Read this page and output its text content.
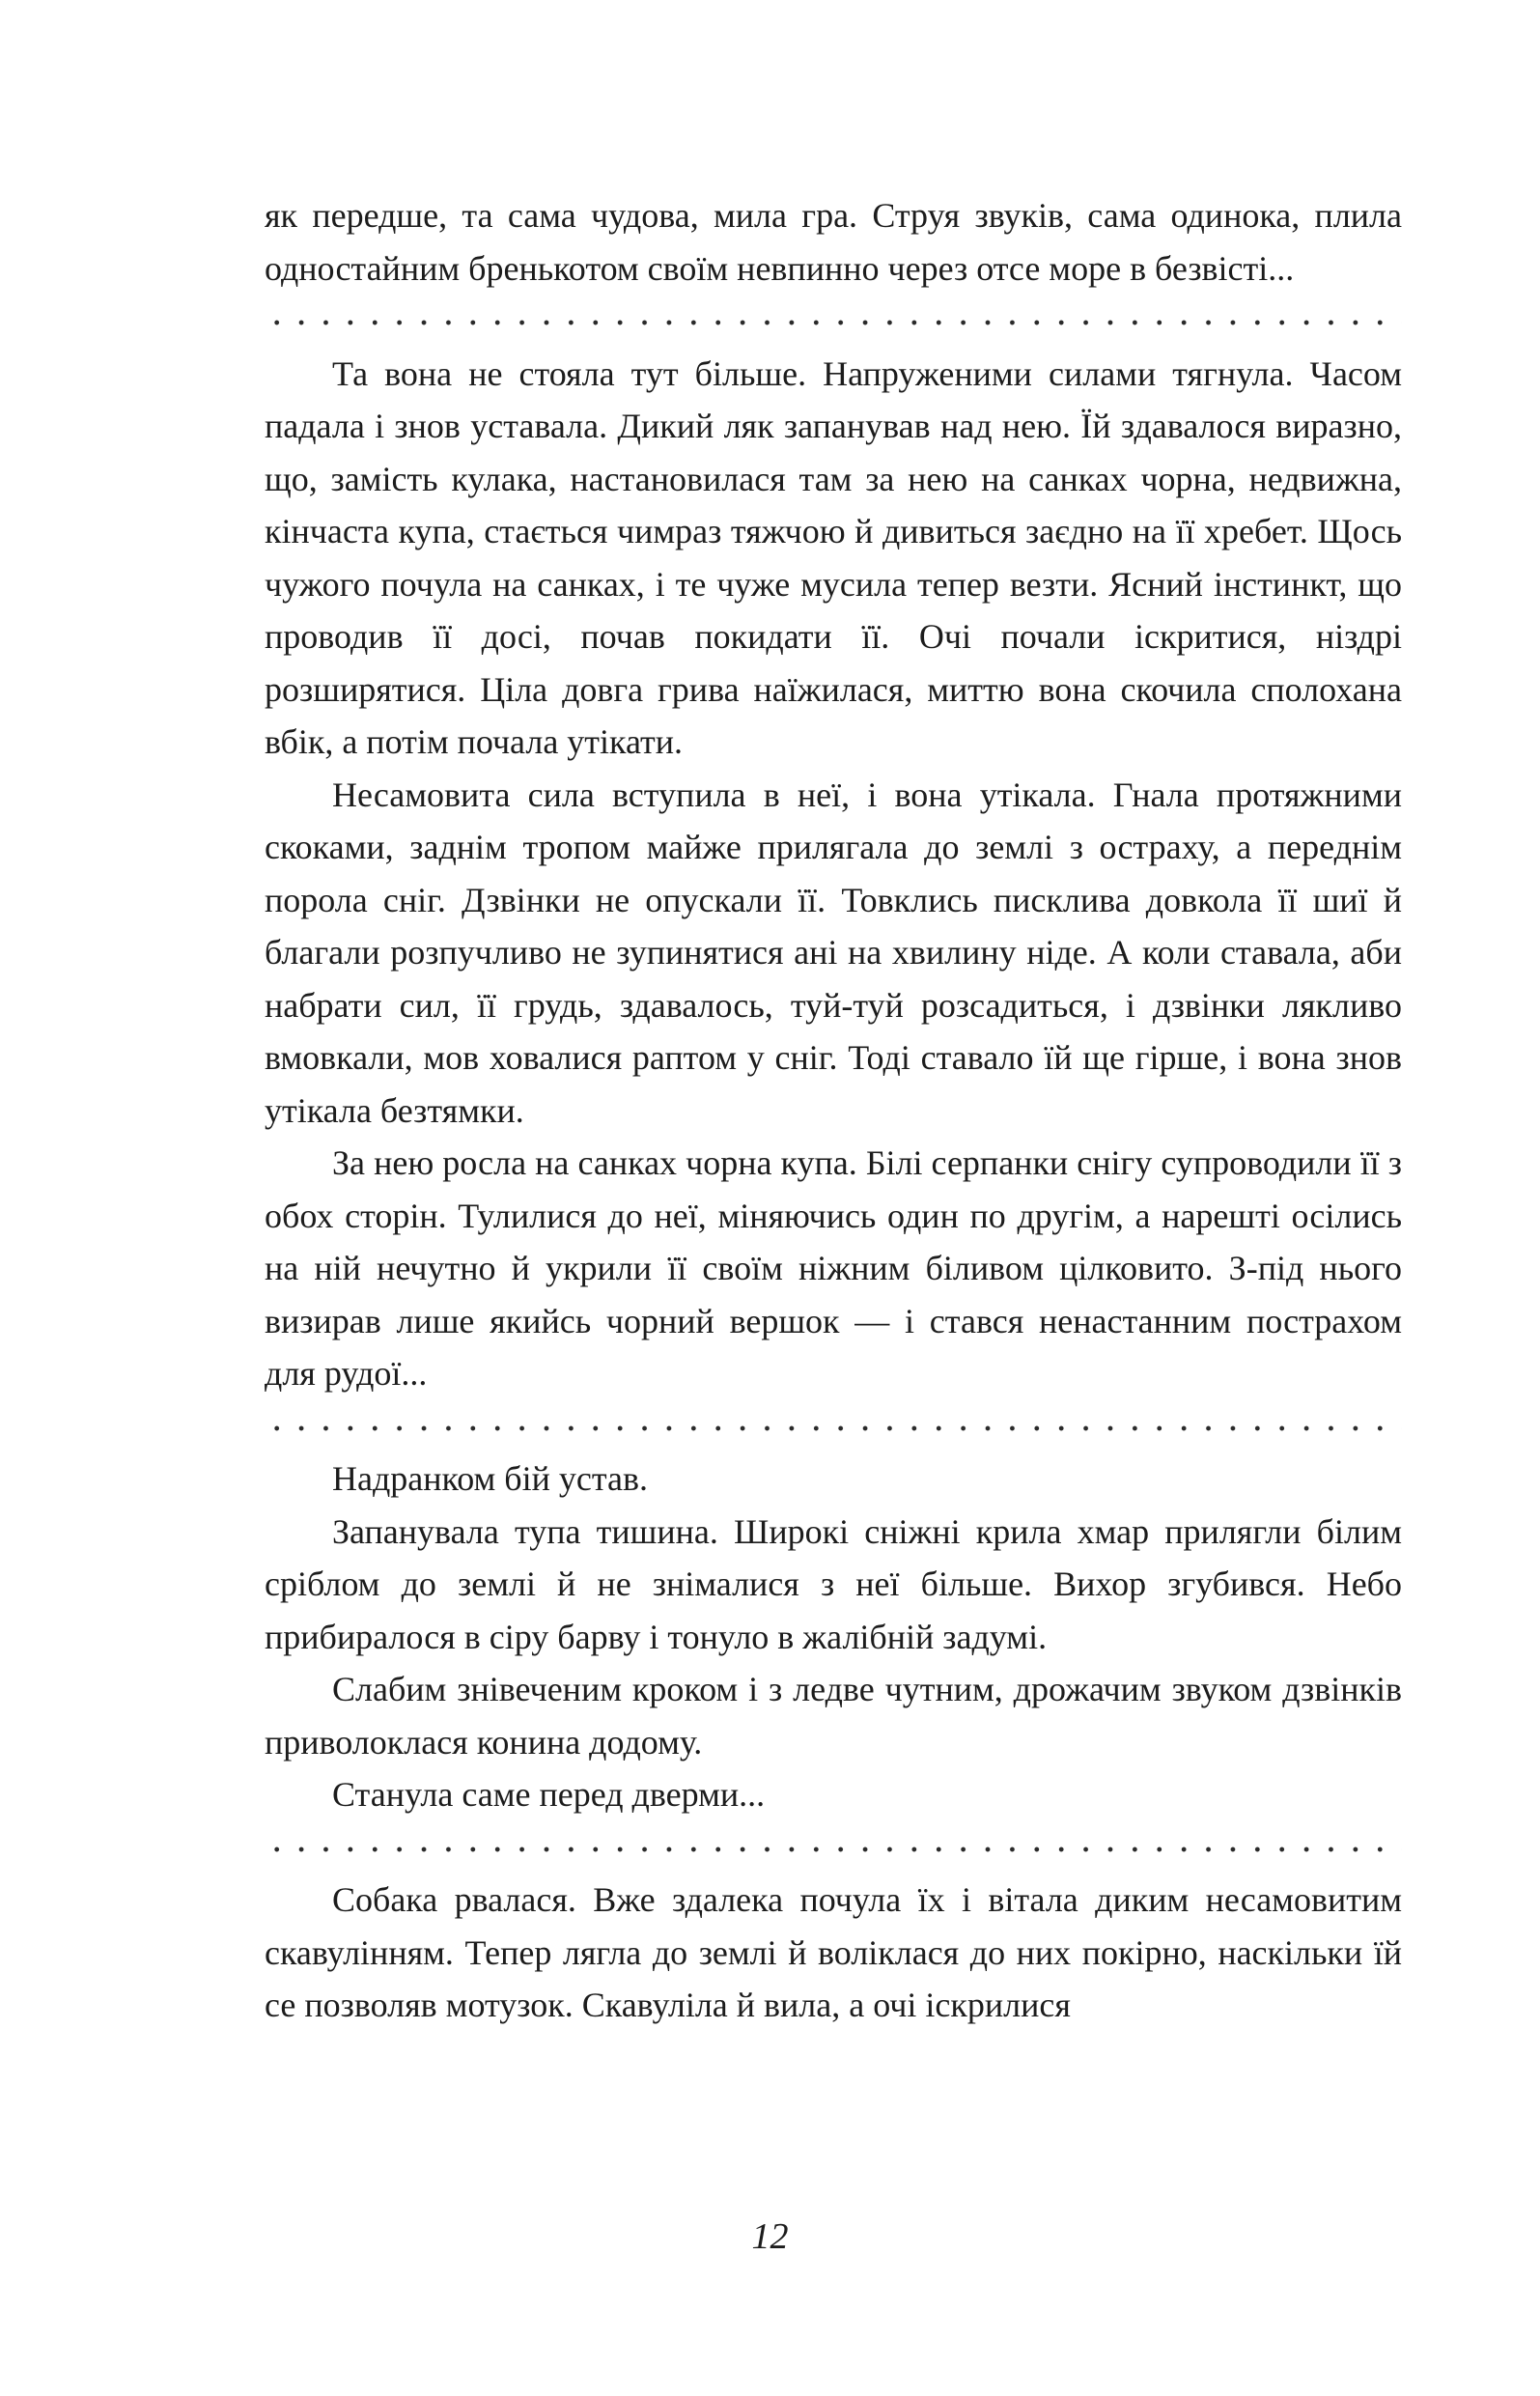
як передше, та сама чудова, мила гра. Струя звуків, сама одинока, плила одностайним бренькотом своїм невпинно через отсе море в безвісті...

Та вона не стояла тут більше. Напруженими силами тягнула. Часом падала і знов уставала. Дикий ляк запанував над нею. Їй здавалося виразно, що, замість кулака, настановилася там за нею на санках чорна, недвижна, кінчаста купа, стається чимраз тяжчою й дивиться заєдно на її хребет. Щось чужого почула на санках, і те чуже мусила тепер везти. Ясний інстинкт, що проводив її досі, почав покидати її. Очі почали іскритися, ніздрі розширятися. Ціла довга грива наїжилася, миттю вона скочила сполохана вбік, а потім почала утікати.

Несамовита сила вступила в неї, і вона утікала. Гнала протяжними скоками, заднім тропом майже прилягала до землі з остраху, а переднім порола сніг. Дзвінки не опускали її. Товклись писклива довкола її шиї й благали розпучливо не зупинятися ані на хвилину ніде. А коли ставала, аби набрати сил, її грудь, здавалось, туй-туй розсадиться, і дзвінки лякливо вмовкали, мов ховалися раптом у сніг. Тоді ставало їй ще гірше, і вона знов утікала безтямки.

За нею росла на санках чорна купа. Білі серпанки снігу супроводили її з обох сторін. Тулилися до неї, міняючись один по другім, а нарешті осілись на ній нечутно й укрили її своїм ніжним біливом цілковито. З-під нього визирав лише якийсь чорний вершок — і стався ненастанним пострахом для рудої...

Надранком бій устав.

Запанувала тупа тишина. Широкі сніжні крила хмар прилягли білим сріблом до землі й не знімалися з неї більше. Вихор згубився. Небо прибиралося в сіру барву і тонуло в жалібній задумі.

Слабим знівеченим кроком і з ледве чутним, дрожачим звуком дзвінків приволоклася конина додому.

Станула саме перед дверми...

Собака рвалася. Вже здалека почула їх і вітала диким несамовитим скавулінням. Тепер лягла до землі й воліклася до них покірно, наскільки їй се позволяв мотузок. Скавуліла й вила, а очі іскрилися

12
